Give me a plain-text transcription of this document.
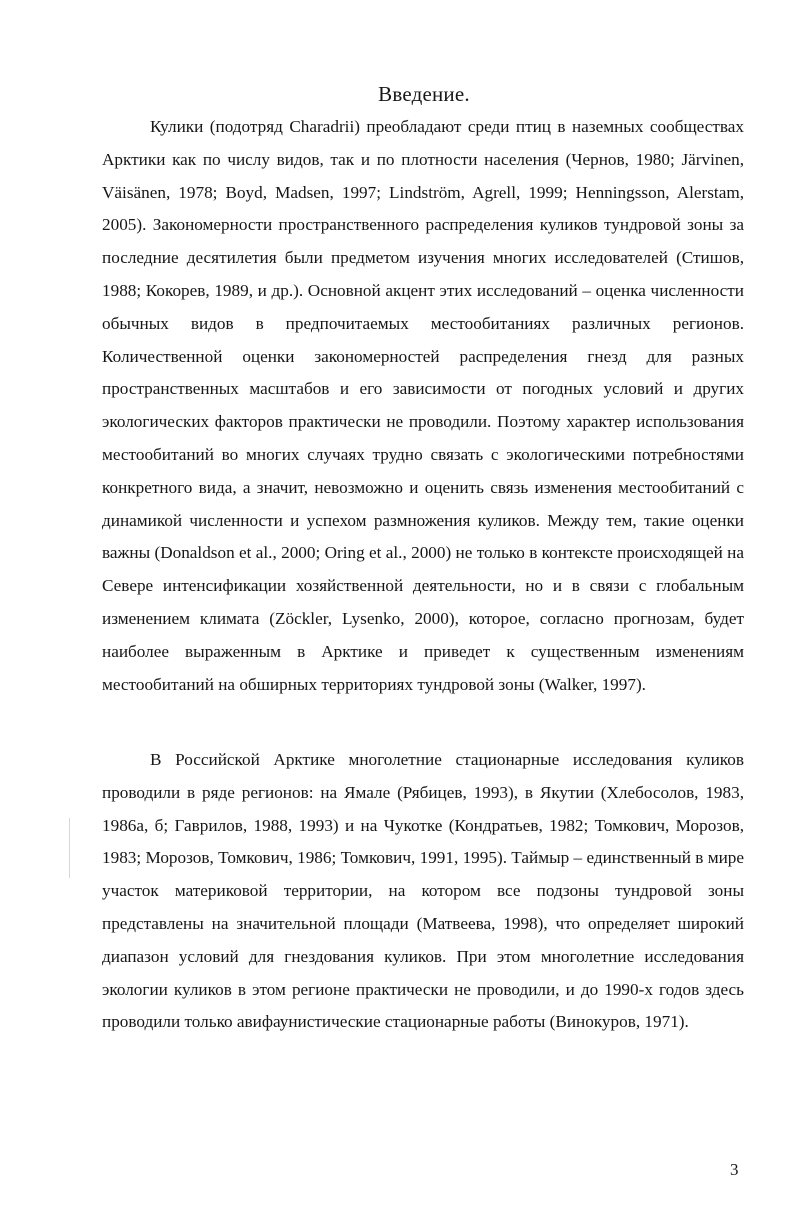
Введение.

Кулики (подотряд Charadrii) преобладают среди птиц в наземных сообществах Арктики как по числу видов, так и по плотности населения (Чернов, 1980; Järvinen, Väisänen, 1978; Boyd, Madsen, 1997; Lindström, Agrell, 1999; Henningsson, Alerstam, 2005). Закономерности пространственного распределения куликов тундровой зоны за последние десятилетия были предметом изучения многих исследователей (Стишов, 1988; Кокорев, 1989, и др.). Основной акцент этих исследований – оценка численности обычных видов в предпочитаемых местообитаниях различных регионов. Количественной оценки закономерностей распределения гнезд для разных пространственных масштабов и его зависимости от погодных условий и других экологических факторов практически не проводили. Поэтому характер использования местообитаний во многих случаях трудно связать с экологическими потребностями конкретного вида, а значит, невозможно и оценить связь изменения местообитаний с динамикой численности и успехом размножения куликов. Между тем, такие оценки важны (Donaldson et al., 2000; Oring et al., 2000) не только в контексте происходящей на Севере интенсификации хозяйственной деятельности, но и в связи с глобальным изменением климата (Zöckler, Lysenko, 2000), которое, согласно прогнозам, будет наиболее выраженным в Арктике и приведет к существенным изменениям местообитаний на обширных территориях тундровой зоны (Walker, 1997).

В Российской Арктике многолетние стационарные исследования куликов проводили в ряде регионов: на Ямале (Рябицев, 1993), в Якутии (Хлебосолов, 1983, 1986а, б; Гаврилов, 1988, 1993) и на Чукотке (Кондратьев, 1982; Томкович, Морозов, 1983; Морозов, Томкович, 1986; Томкович, 1991, 1995). Таймыр – единственный в мире участок материковой территории, на котором все подзоны тундровой зоны представлены на значительной площади (Матвеева, 1998), что определяет широкий диапазон условий для гнездования куликов. При этом многолетние исследования экологии куликов в этом регионе практически не проводили, и до 1990-х годов здесь проводили только авифаунистические стационарные работы (Винокуров, 1971).

3
